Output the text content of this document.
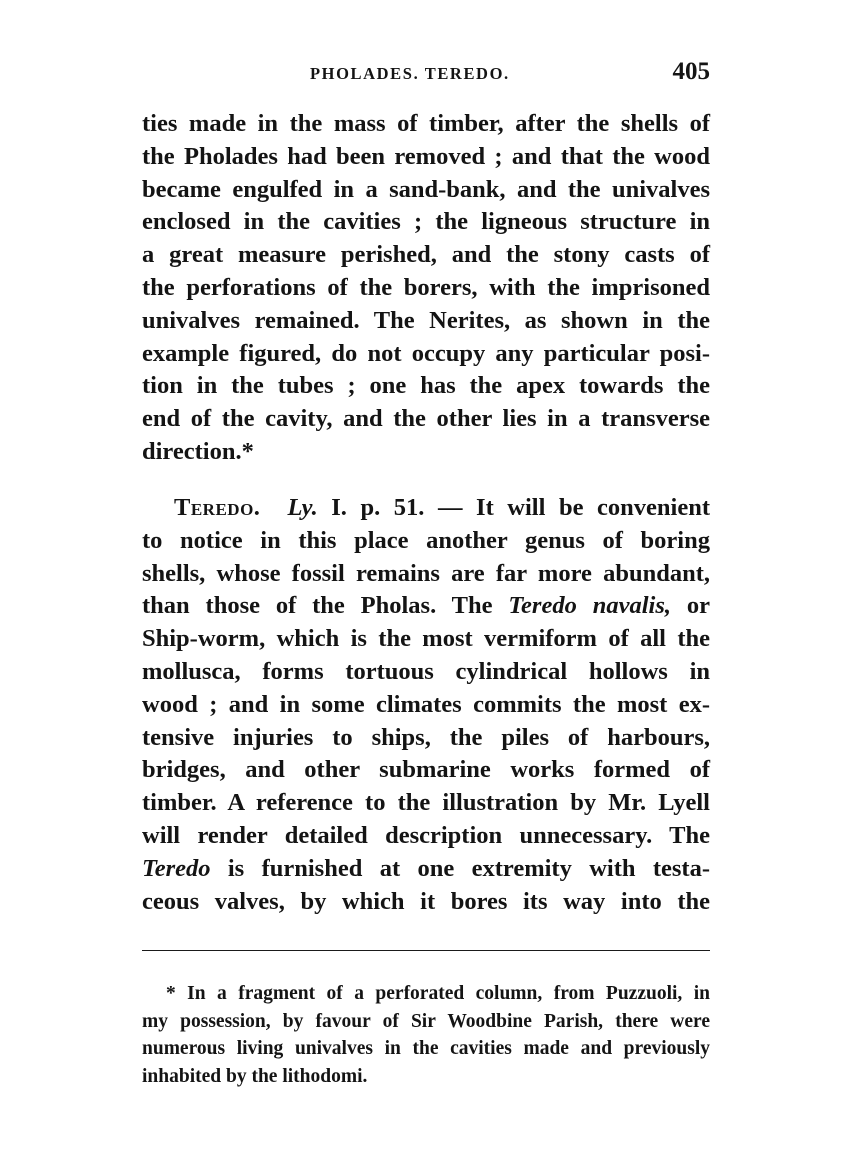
PHOLADES. TEREDO.	405
ties made in the mass of timber, after the shells of
the Pholades had been removed ; and that the wood
became engulfed in a sand-bank, and the univalves
enclosed in the cavities ; the ligneous structure in
a great measure perished, and the stony casts of
the perforations of the borers, with the imprisoned
univalves remained. The Nerites, as shown in the
example figured, do not occupy any particular posi-
tion in the tubes ; one has the apex towards the
end of the cavity, and the other lies in a transverse
direction.*
Teredo. Ly. I. p. 51. — It will be convenient
to notice in this place another genus of boring
shells, whose fossil remains are far more abundant,
than those of the Pholas. The Teredo navalis, or
Ship-worm, which is the most vermiform of all the
mollusca, forms tortuous cylindrical hollows in
wood ; and in some climates commits the most ex-
tensive injuries to ships, the piles of harbours,
bridges, and other submarine works formed of
timber. A reference to the illustration by Mr. Lyell
will render detailed description unnecessary. The
Teredo is furnished at one extremity with testa-
ceous valves, by which it bores its way into the
* In a fragment of a perforated column, from Puzzuoli, in
my possession, by favour of Sir Woodbine Parish, there were
numerous living univalves in the cavities made and previously
inhabited by the lithodomi.
